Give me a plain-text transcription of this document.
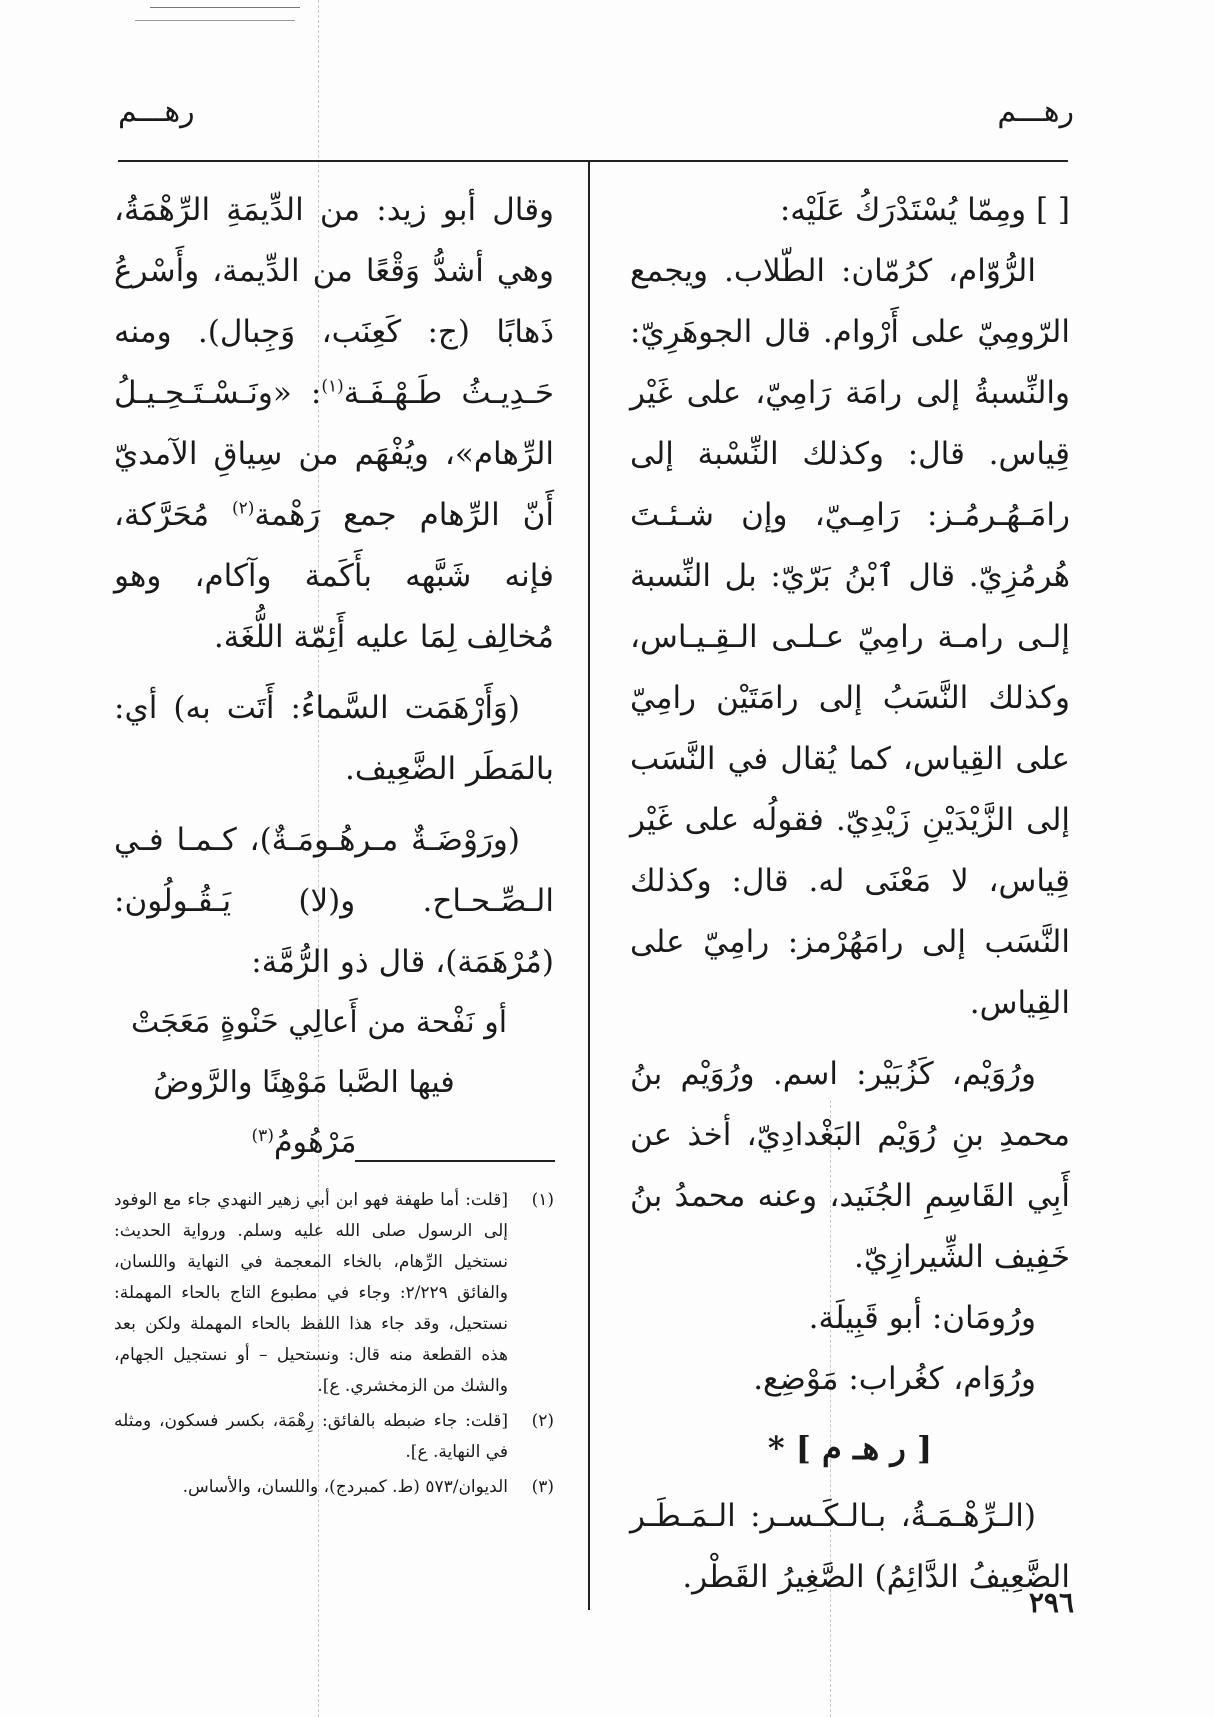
رهـــم
رهـــم

[ ] ومِمّا يُسْتَدْرَكُ عَلَيْه:

الرُّوّام، كرُمّان: الطّلاب. ويجمع الرّومِيّ على أَرْوام. قال الجوهَرِيّ: والنِّسبةُ إلى رامَة رَامِيّ، على غَيْر قِياس. قال: وكذلك النِّسْبة إلى رامَـهُـرمُـز: رَامِـيّ، وإن شـئـتَ هُرمُزِيّ. قال ٱبْنُ بَرّيّ: بل النِّسبة إلـى رامـة رامِيّ عـلـى الـقِـيـاس، وكذلك النَّسَبُ إلى رامَتَيْن رامِيّ على القِياس، كما يُقال في النَّسَب إلى الزَّيْدَيْنِ زَيْدِيّ. فقولُه على غَيْر قِياس، لا مَعْنَى له. قال: وكذلك النَّسَب إلى رامَهُرْمز: رامِيّ على القِياس.

ورُوَيْم، كَزُبَيْر: اسم. ورُوَيْم بنُ محمدِ بنِ رُوَيْم البَغْدادِيّ، أخذ عن أَبِي القَاسِمِ الجُنَيد، وعنه محمدُ بنُ خَفِيف الشِّيرازِيّ.

ورُومَان: أبو قَبِيلَة.

ورُوَام، كغُراب: مَوْضِع.

[ ر هـ م ] *

(الـرِّهْـمَـةُ، بـالـكَـسـر: الـمَـطَـر الضَّعِيفُ الدَّائِمُ) الصَّغِيرُ القَطْر.

وقال أبو زيد: من الدِّيمَةِ الرِّهْمَةُ، وهي أشدُّ وَقْعًا من الدِّيمة، وأَسْرعُ ذَهابًا (ج: كَعِنَب، وَجِبال). ومنه حَـدِيـثُ طَـهْـفَـة$^{(١)}$: «ونَـسْـتَـحِـيـلُ الرِّهام»، ويُفْهَم من سِياقِ الآمديّ أَنّ الرِّهام جمع رَهْمة$^{(٢)}$ مُحَرَّكة، فإنه شَبَّهه بأَكَمة وآكام، وهو مُخالِف لِمَا عليه أَئِمّة اللُّغَة.

(وَأَرْهَمَت السَّماءُ: أَتَت به) أي: بالمَطَر الضَّعِيف.

(ورَوْضَـةٌ مـرهُـومَـةٌ)، كـمـا فـي الـصِّـحـاح. و(لا) يَـقُـولُون: (مُرْهَمَة)، قال ذو الرُّمَّة:

أو نَفْحة من أَعالِي حَنْوةٍ مَعَجَتْ

فيها الصَّبا مَوْهِنًا والرَّوضُ مَرْهُومُ$^{(٣)}$

(١)
[قلت: أما طهفة فهو ابن أبي زهير النهدي جاء مع الوفود إلى الرسول صلى الله عليه وسلم. ورواية الحديث: نستخيل الرِّهام، بالخاء المعجمة في النهاية واللسان، والفائق ٢/٢٢٩: وجاء في مطبوع التاج بالحاء المهملة: نستحيل، وقد جاء هذا اللفظ بالحاء المهملة ولكن بعد هذه القطعة منه قال: ونستحيل – أو نستجيل الجهام، والشك من الزمخشري. ع].
(٢)
[قلت: جاء ضبطه بالفائق: رِهْمَة، بكسر فسكون، ومثله في النهاية. ع].
(٣)
الديوان/٥٧٣ (ط. كمبردج)، واللسان، والأساس.
٢٩٦
